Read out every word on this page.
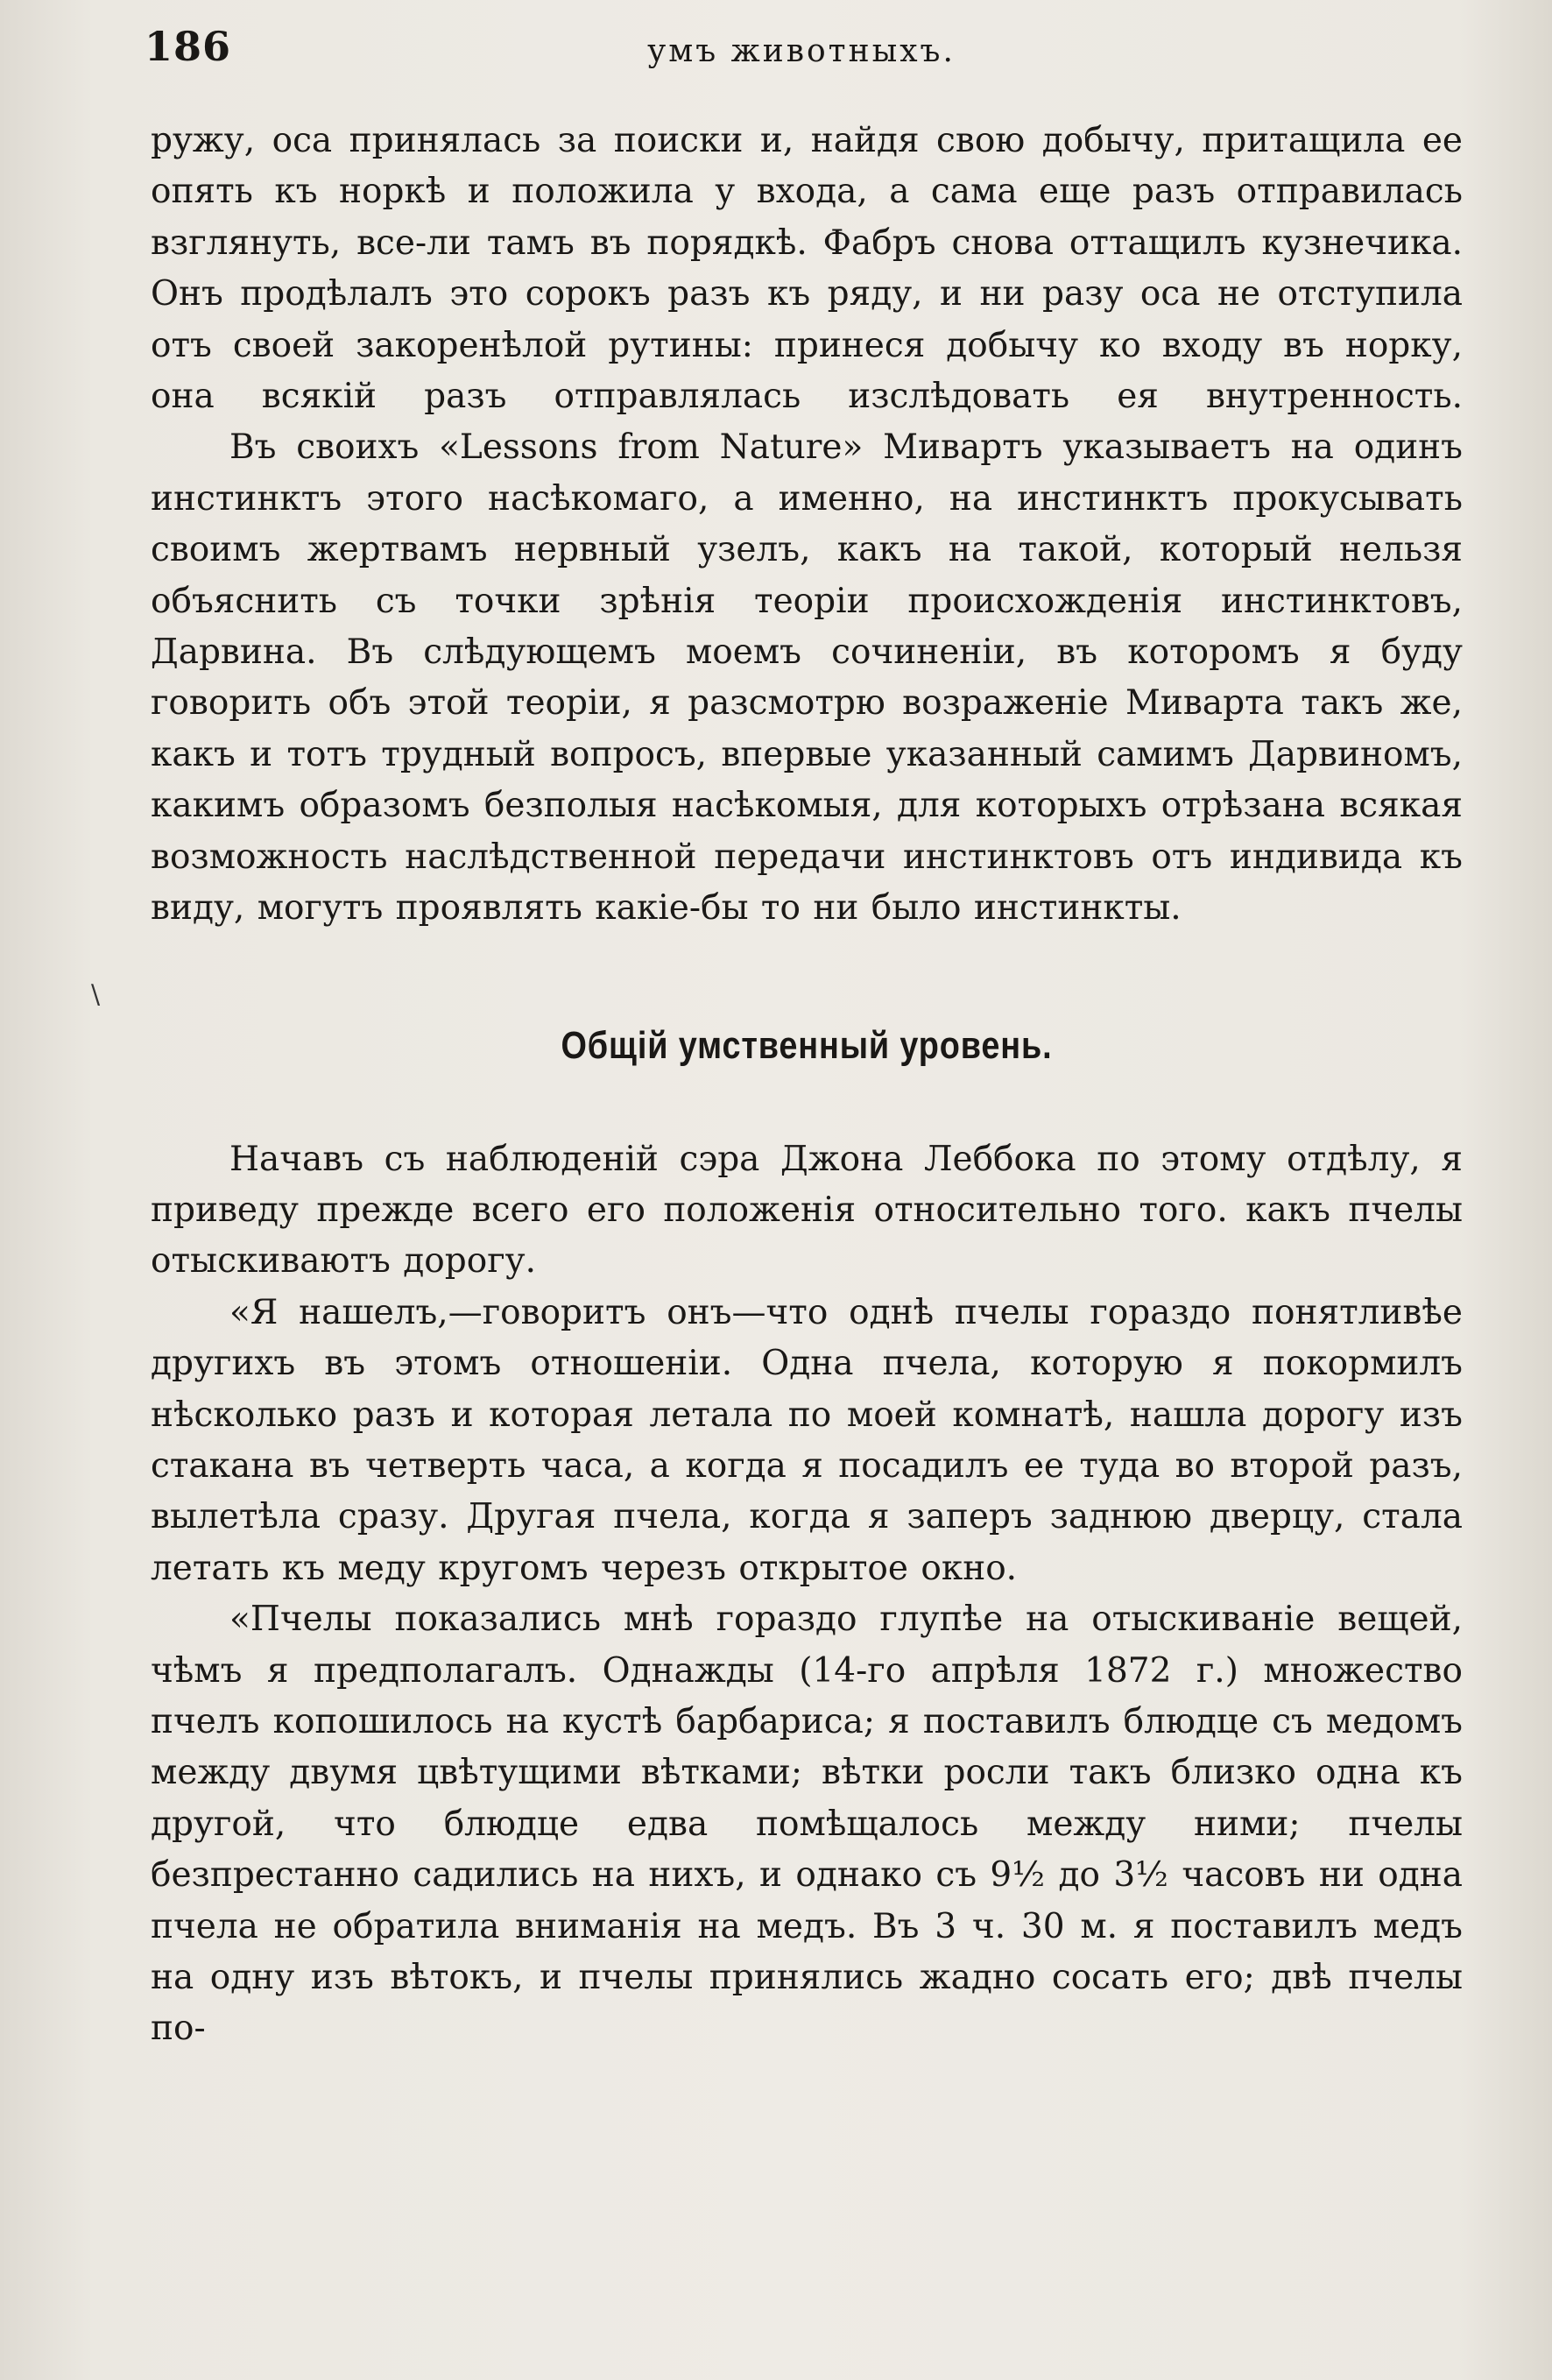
186	умъ животныхъ.
\

ружу, оса принялась за поиски и, найдя свою добычу, притащила ее опять къ норкѣ и положила у входа, а сама еще разъ отправилась взглянуть, все-ли тамъ въ порядкѣ. Фабръ снова оттащилъ кузнечика. Онъ продѣлалъ это сорокъ разъ къ ряду, и ни разу оса не отступила отъ своей закоренѣлой рутины: принеся добычу ко входу въ норку, она всякій разъ отправлялась изслѣдовать ея внутренность.

Въ своихъ «Lessons from Nature» Мивартъ указываетъ на одинъ инстинктъ этого насѣкомаго, а именно, на инстинктъ прокусывать своимъ жертвамъ нервный узелъ, какъ на такой, который нельзя объяснить съ точки зрѣнія теоріи происхожденія инстинктовъ, Дарвина. Въ слѣдующемъ моемъ сочиненіи, въ которомъ я буду говорить объ этой теоріи, я разсмотрю возраженіе Миварта такъ же, какъ и тотъ трудный вопросъ, впервые указанный самимъ Дарвиномъ, какимъ образомъ безполыя насѣкомыя, для которыхъ отрѣзана всякая возможность наслѣдственной передачи инстинктовъ отъ индивида къ виду, могутъ проявлять какіе-бы то ни было инстинкты.

Общій умственный уровень.

Начавъ съ наблюденій сэра Джона Леббока по этому отдѣлу, я приведу прежде всего его положенія относительно того. какъ пчелы отыскиваютъ дорогу.

«Я нашелъ,—говоритъ онъ—что однѣ пчелы гораздо понятливѣе другихъ въ этомъ отношеніи. Одна пчела, которую я покормилъ нѣсколько разъ и которая летала по моей комнатѣ, нашла дорогу изъ стакана въ четверть часа, а когда я посадилъ ее туда во второй разъ, вылетѣла сразу. Другая пчела, когда я заперъ заднюю дверцу, стала летать къ меду кругомъ черезъ открытое окно.

«Пчелы показались мнѣ гораздо глупѣе на отыскиваніе вещей, чѣмъ я предполагалъ. Однажды (14-го апрѣля 1872 г.) множество пчелъ копошилось на кустѣ барбариса; я поставилъ блюдце съ медомъ между двумя цвѣтущими вѣтками; вѣтки росли такъ близко одна къ другой, что блюдце едва помѣщалось между ними; пчелы безпрестанно садились на нихъ, и однако съ 9½ до 3½ часовъ ни одна пчела не обратила вниманія на медъ. Въ 3 ч. 30 м. я поставилъ медъ на одну изъ вѣтокъ, и пчелы принялись жадно сосать его; двѣ пчелы по-
